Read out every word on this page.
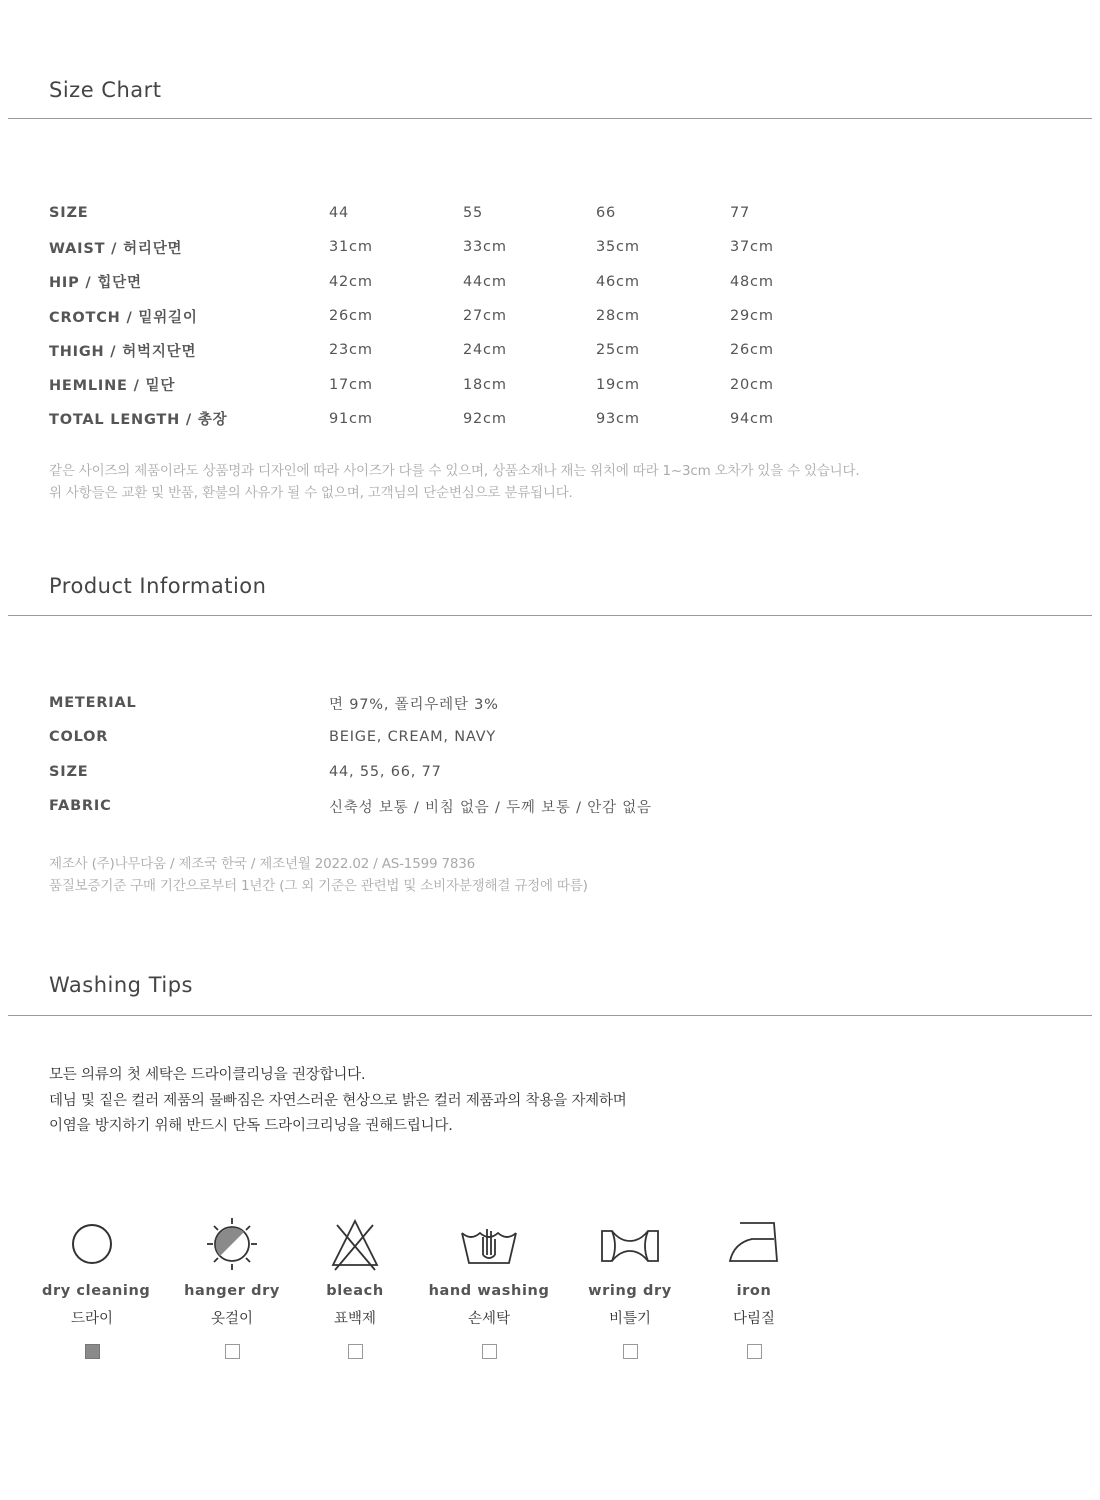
Size Chart
SIZE	44	55	66	77
WAIST / 허리단면	31cm	33cm	35cm	37cm
HIP / 힙단면	42cm	44cm	46cm	48cm
CROTCH / 밑위길이	26cm	27cm	28cm	29cm
THIGH / 허벅지단면	23cm	24cm	25cm	26cm
HEMLINE / 밑단	17cm	18cm	19cm	20cm
TOTAL LENGTH / 총장	91cm	92cm	93cm	94cm
같은 사이즈의 제품이라도 상품명과 디자인에 따라 사이즈가 다를 수 있으며, 상품소재나 재는 위치에 따라 1~3cm 오차가 있을 수 있습니다.
위 사항들은 교환 및 반품, 환불의 사유가 될 수 없으며, 고객님의 단순변심으로 분류됩니다.
Product Information
METERIAL	면 97%, 폴리우레탄 3%
COLOR	BEIGE, CREAM, NAVY
SIZE	44, 55, 66, 77
FABRIC	신축성 보통 / 비침 없음 / 두께 보통 / 안감 없음
제조사 (주)나무다움 / 제조국 한국 / 제조년월 2022.02 / AS-1599 7836
품질보증기준 구매 기간으로부터 1년간 (그 외 기준은 관련법 및 소비자분쟁해결 규정에 따름)
Washing Tips
모든 의류의 첫 세탁은 드라이클리닝을 권장합니다.
데님 및 짙은 컬러 제품의 물빠짐은 자연스러운 현상으로 밝은 컬러 제품과의 착용을 자제하며
이염을 방지하기 위해 반드시 단독 드라이크리닝을 권해드립니다.
dry cleaning
드라이
hanger dry
옷걸이
bleach
표백제
hand washing
손세탁
wring dry
비틀기
iron
다림질
